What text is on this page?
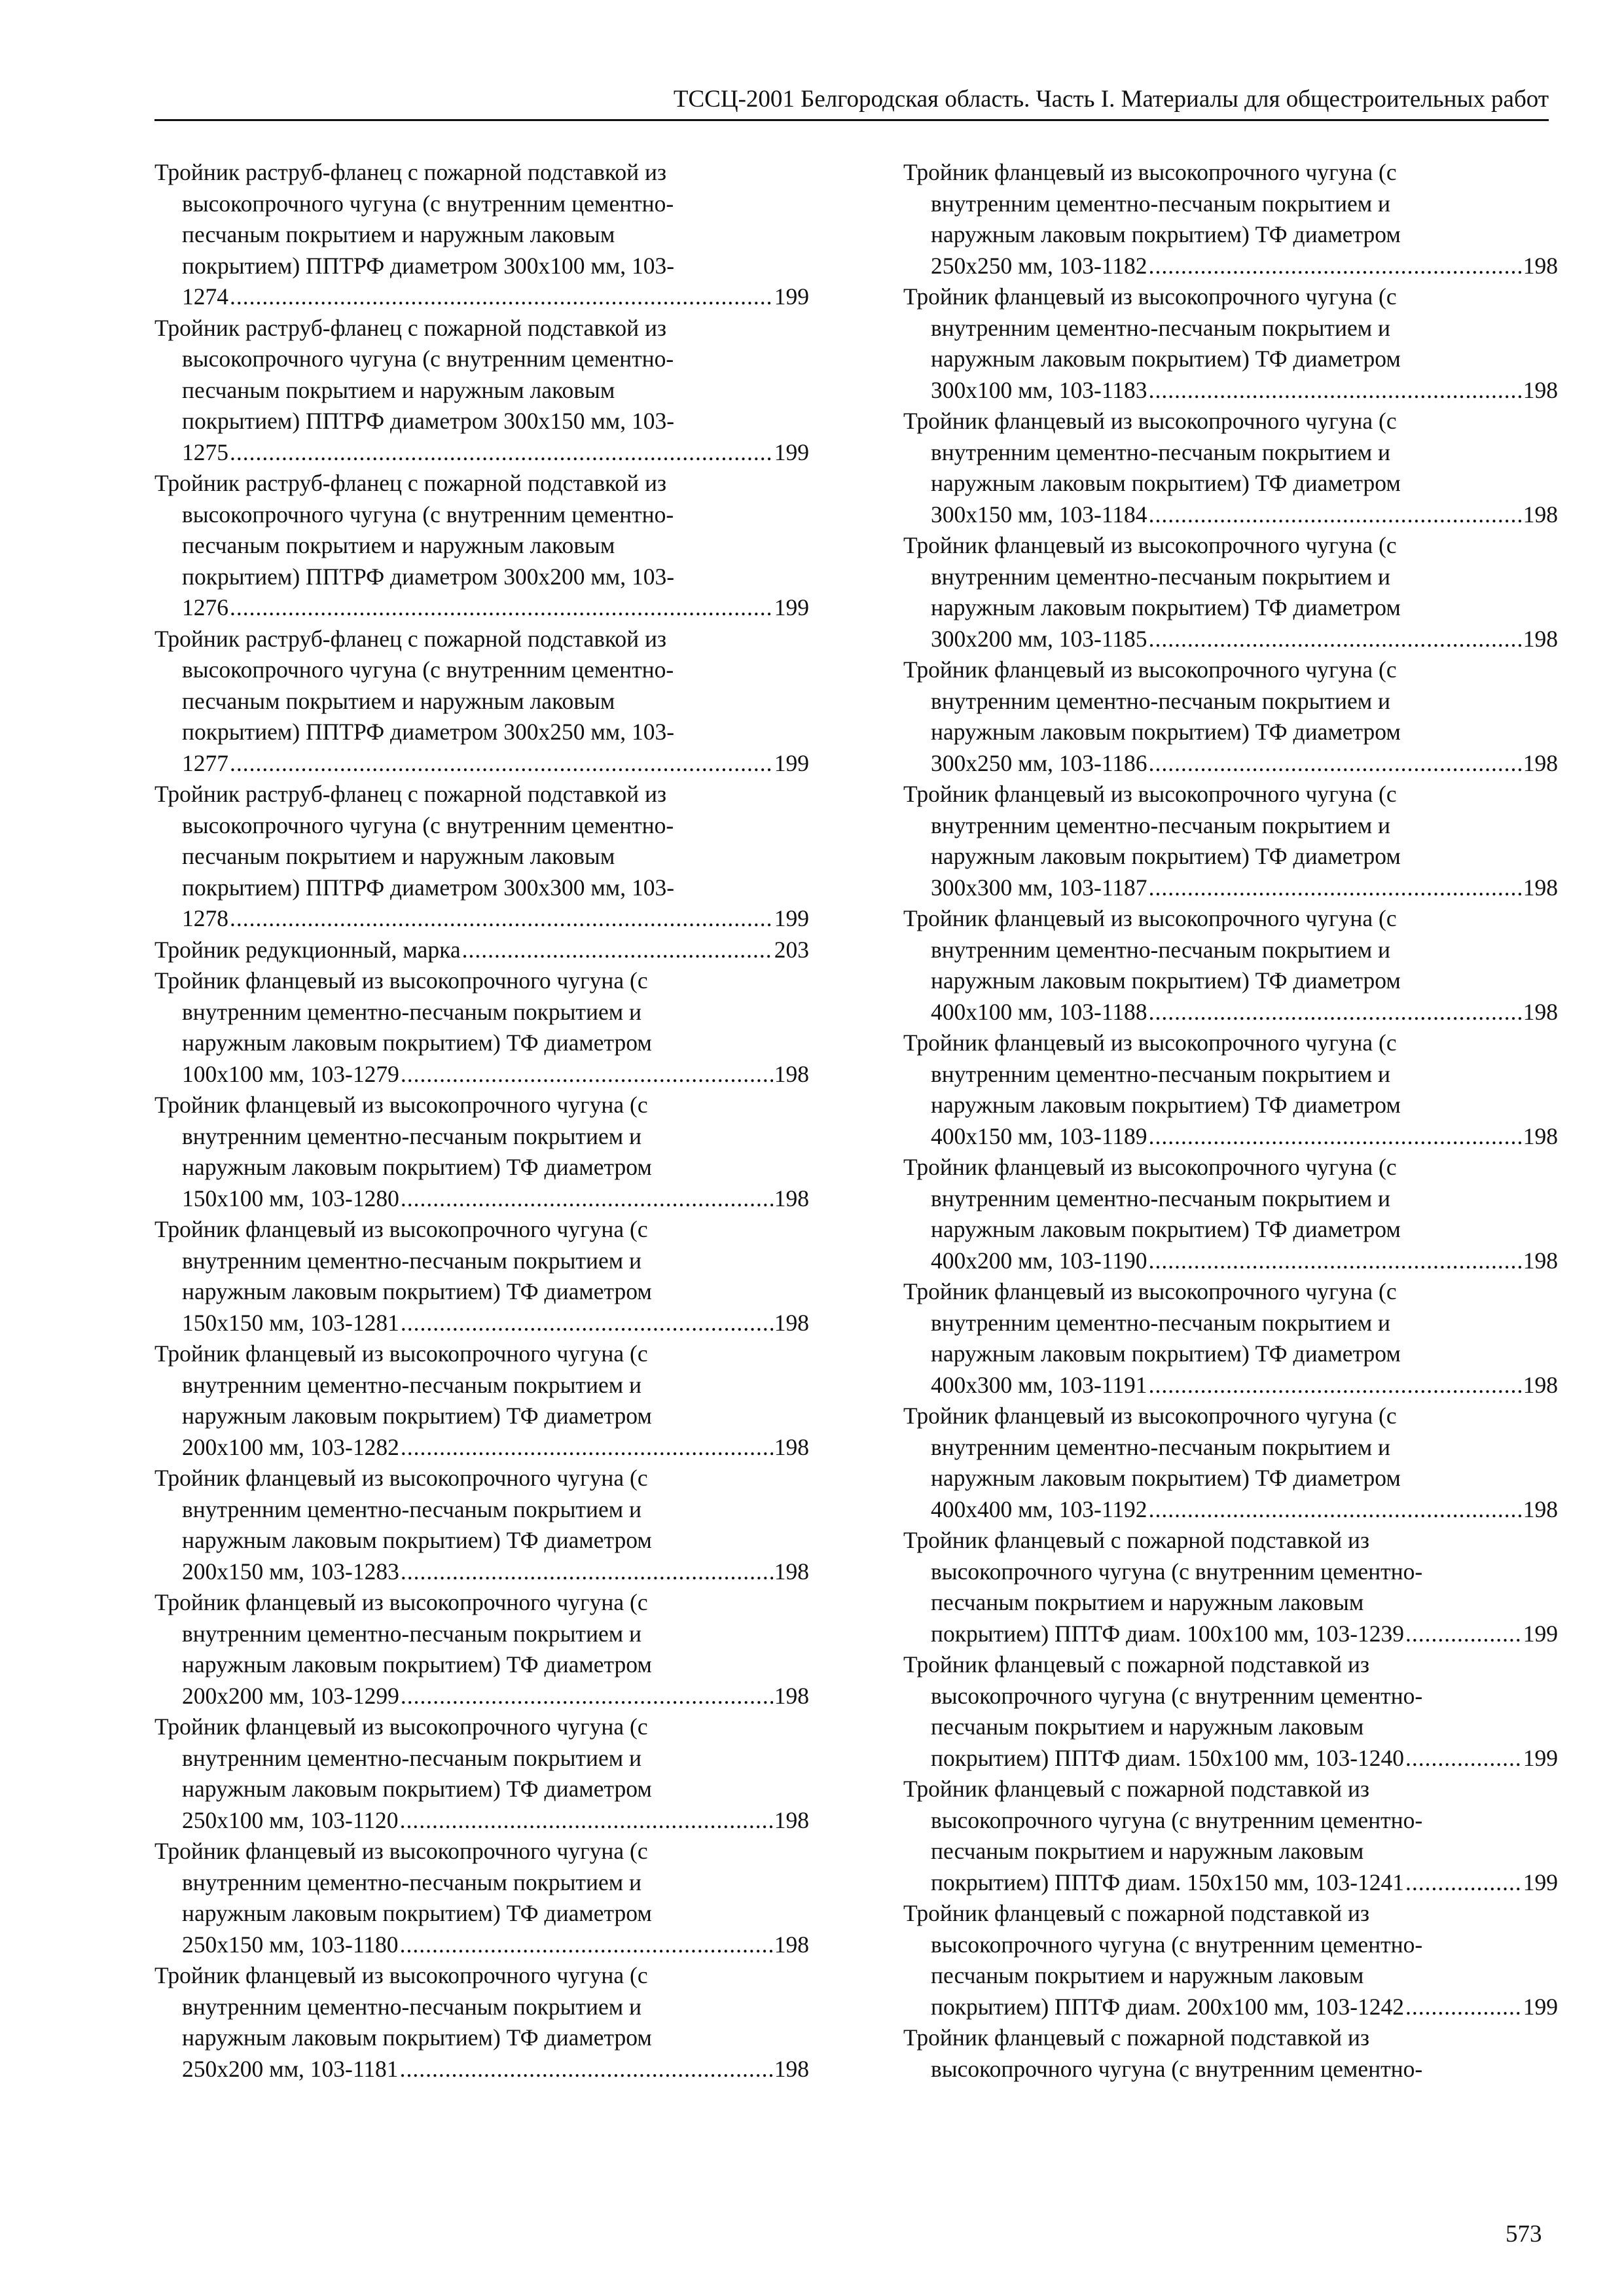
ТССЦ-2001 Белгородская область. Часть I. Материалы для общестроительных работ
Тройник раструб-фланец с пожарной подставкой из
высокопрочного чугуна (с внутренним цементно-
песчаным покрытием и наружным лаковым
покрытием) ППТРФ диаметром 300x100 мм, 103-
1274 .....	199
Тройник раструб-фланец с пожарной подставкой из
высокопрочного чугуна (с внутренним цементно-
песчаным покрытием и наружным лаковым
покрытием) ППТРФ диаметром 300x150 мм, 103-
1275 .....	199
Тройник раструб-фланец с пожарной подставкой из
высокопрочного чугуна (с внутренним цементно-
песчаным покрытием и наружным лаковым
покрытием) ППТРФ диаметром 300x200 мм, 103-
1276 .....	199
Тройник раструб-фланец с пожарной подставкой из
высокопрочного чугуна (с внутренним цементно-
песчаным покрытием и наружным лаковым
покрытием) ППТРФ диаметром 300x250 мм, 103-
1277 .....	199
Тройник раструб-фланец с пожарной подставкой из
высокопрочного чугуна (с внутренним цементно-
песчаным покрытием и наружным лаковым
покрытием) ППТРФ диаметром 300x300 мм, 103-
1278 .....	199
Тройник редукционный, марка .....	203
Тройник фланцевый из высокопрочного чугуна (с
внутренним цементно-песчаным покрытием и
наружным лаковым покрытием) ТФ диаметром
100x100 мм, 103-1279 .....	198
Тройник фланцевый из высокопрочного чугуна (с
внутренним цементно-песчаным покрытием и
наружным лаковым покрытием) ТФ диаметром
150x100 мм, 103-1280 .....	198
Тройник фланцевый из высокопрочного чугуна (с
внутренним цементно-песчаным покрытием и
наружным лаковым покрытием) ТФ диаметром
150x150 мм, 103-1281 .....	198
Тройник фланцевый из высокопрочного чугуна (с
внутренним цементно-песчаным покрытием и
наружным лаковым покрытием) ТФ диаметром
200x100 мм, 103-1282 .....	198
Тройник фланцевый из высокопрочного чугуна (с
внутренним цементно-песчаным покрытием и
наружным лаковым покрытием) ТФ диаметром
200x150 мм, 103-1283 .....	198
Тройник фланцевый из высокопрочного чугуна (с
внутренним цементно-песчаным покрытием и
наружным лаковым покрытием) ТФ диаметром
200x200 мм, 103-1299 .....	198
Тройник фланцевый из высокопрочного чугуна (с
внутренним цементно-песчаным покрытием и
наружным лаковым покрытием) ТФ диаметром
250x100 мм, 103-1120 .....	198
Тройник фланцевый из высокопрочного чугуна (с
внутренним цементно-песчаным покрытием и
наружным лаковым покрытием) ТФ диаметром
250x150 мм, 103-1180 .....	198
Тройник фланцевый из высокопрочного чугуна (с
внутренним цементно-песчаным покрытием и
наружным лаковым покрытием) ТФ диаметром
250x200 мм, 103-1181 .....	198
Тройник фланцевый из высокопрочного чугуна (с
внутренним цементно-песчаным покрытием и
наружным лаковым покрытием) ТФ диаметром
250x250 мм, 103-1182 .....	198
Тройник фланцевый из высокопрочного чугуна (с
внутренним цементно-песчаным покрытием и
наружным лаковым покрытием) ТФ диаметром
300x100 мм, 103-1183 .....	198
Тройник фланцевый из высокопрочного чугуна (с
внутренним цементно-песчаным покрытием и
наружным лаковым покрытием) ТФ диаметром
300x150 мм, 103-1184 .....	198
Тройник фланцевый из высокопрочного чугуна (с
внутренним цементно-песчаным покрытием и
наружным лаковым покрытием) ТФ диаметром
300x200 мм, 103-1185 .....	198
Тройник фланцевый из высокопрочного чугуна (с
внутренним цементно-песчаным покрытием и
наружным лаковым покрытием) ТФ диаметром
300x250 мм, 103-1186 .....	198
Тройник фланцевый из высокопрочного чугуна (с
внутренним цементно-песчаным покрытием и
наружным лаковым покрытием) ТФ диаметром
300x300 мм, 103-1187 .....	198
Тройник фланцевый из высокопрочного чугуна (с
внутренним цементно-песчаным покрытием и
наружным лаковым покрытием) ТФ диаметром
400x100 мм, 103-1188 .....	198
Тройник фланцевый из высокопрочного чугуна (с
внутренним цементно-песчаным покрытием и
наружным лаковым покрытием) ТФ диаметром
400x150 мм, 103-1189 .....	198
Тройник фланцевый из высокопрочного чугуна (с
внутренним цементно-песчаным покрытием и
наружным лаковым покрытием) ТФ диаметром
400x200 мм, 103-1190 .....	198
Тройник фланцевый из высокопрочного чугуна (с
внутренним цементно-песчаным покрытием и
наружным лаковым покрытием) ТФ диаметром
400x300 мм, 103-1191 .....	198
Тройник фланцевый из высокопрочного чугуна (с
внутренним цементно-песчаным покрытием и
наружным лаковым покрытием) ТФ диаметром
400x400 мм, 103-1192 .....	198
Тройник фланцевый с пожарной подставкой из
высокопрочного чугуна (с внутренним цементно-
песчаным покрытием и наружным лаковым
покрытием) ППТФ диам. 100x100 мм, 103-1239 .....	199
Тройник фланцевый с пожарной подставкой из
высокопрочного чугуна (с внутренним цементно-
песчаным покрытием и наружным лаковым
покрытием) ППТФ диам. 150x100 мм, 103-1240 .....	199
Тройник фланцевый с пожарной подставкой из
высокопрочного чугуна (с внутренним цементно-
песчаным покрытием и наружным лаковым
покрытием) ППТФ диам. 150x150 мм, 103-1241 .....	199
Тройник фланцевый с пожарной подставкой из
высокопрочного чугуна (с внутренним цементно-
песчаным покрытием и наружным лаковым
покрытием) ППТФ диам. 200x100 мм, 103-1242 .....	199
Тройник фланцевый с пожарной подставкой из
высокопрочного чугуна (с внутренним цементно-
573
